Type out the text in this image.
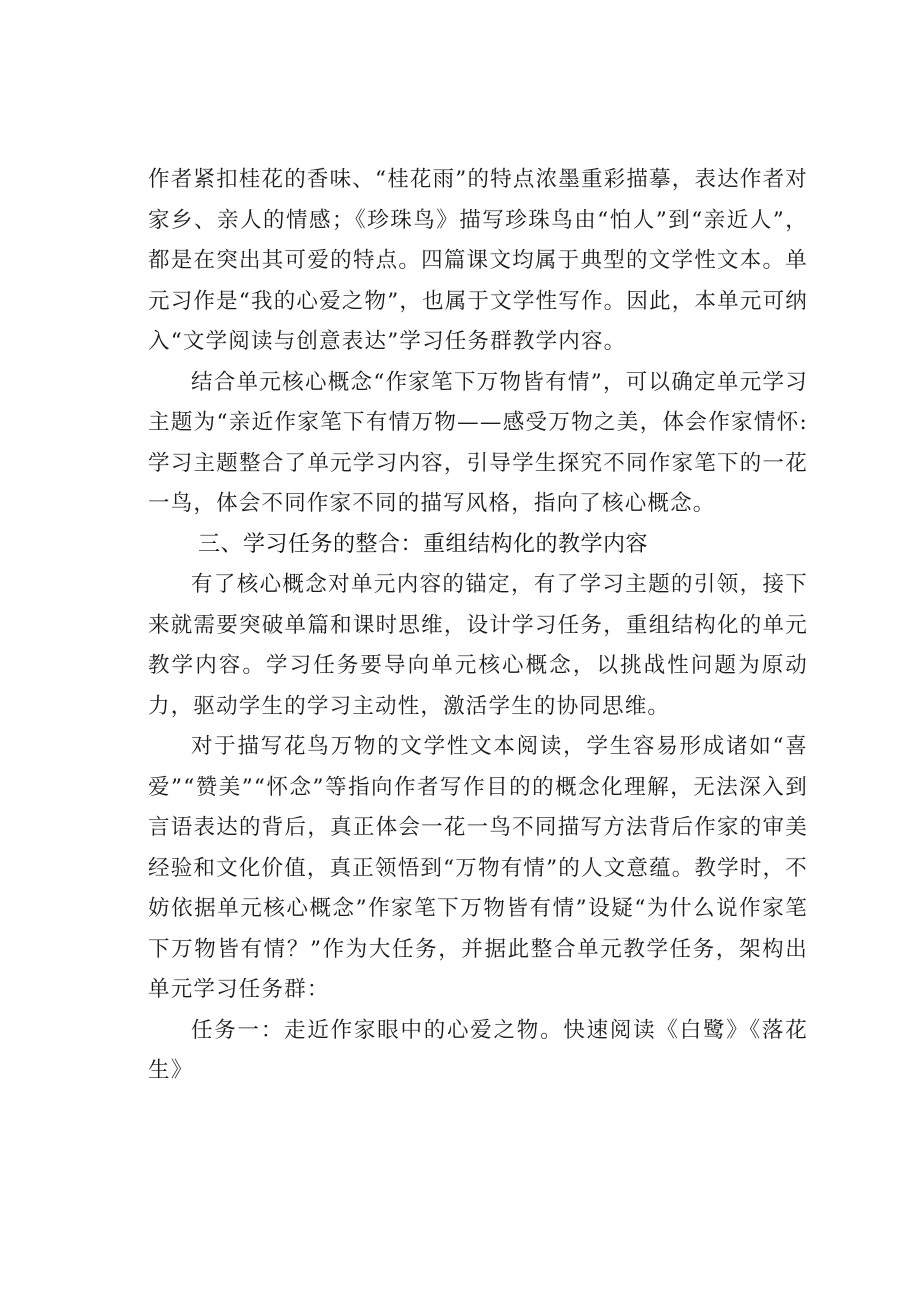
作者紧扣桂花的香味、“桂花雨”的特点浓墨重彩描摹，表达作者对家乡、亲人的情感；《珍珠鸟》描写珍珠鸟由“怕人”到“亲近人”，都是在突出其可爱的特点。四篇课文均属于典型的文学性文本。单元习作是“我的心爱之物”，也属于文学性写作。因此，本单元可纳入“文学阅读与创意表达”学习任务群教学内容。

结合单元核心概念“作家笔下万物皆有情”，可以确定单元学习主题为“亲近作家笔下有情万物——感受万物之美，体会作家情怀:学习主题整合了单元学习内容，引导学生探究不同作家笔下的一花一鸟，体会不同作家不同的描写风格，指向了核心概念。

三、学习任务的整合：重组结构化的教学内容

有了核心概念对单元内容的锚定，有了学习主题的引领，接下来就需要突破单篇和课时思维，设计学习任务，重组结构化的单元教学内容。学习任务要导向单元核心概念，以挑战性问题为原动力，驱动学生的学习主动性，激活学生的协同思维。

对于描写花鸟万物的文学性文本阅读，学生容易形成诸如“喜爱”“赞美”“怀念”等指向作者写作目的的概念化理解，无法深入到言语表达的背后，真正体会一花一鸟不同描写方法背后作家的审美经验和文化价值，真正领悟到“万物有情”的人文意蕴。教学时，不妨依据单元核心概念”作家笔下万物皆有情”设疑“为什么说作家笔下万物皆有情？”作为大任务，并据此整合单元教学任务，架构出单元学习任务群：

任务一：走近作家眼中的心爱之物。快速阅读《白鹭》《落花生》
